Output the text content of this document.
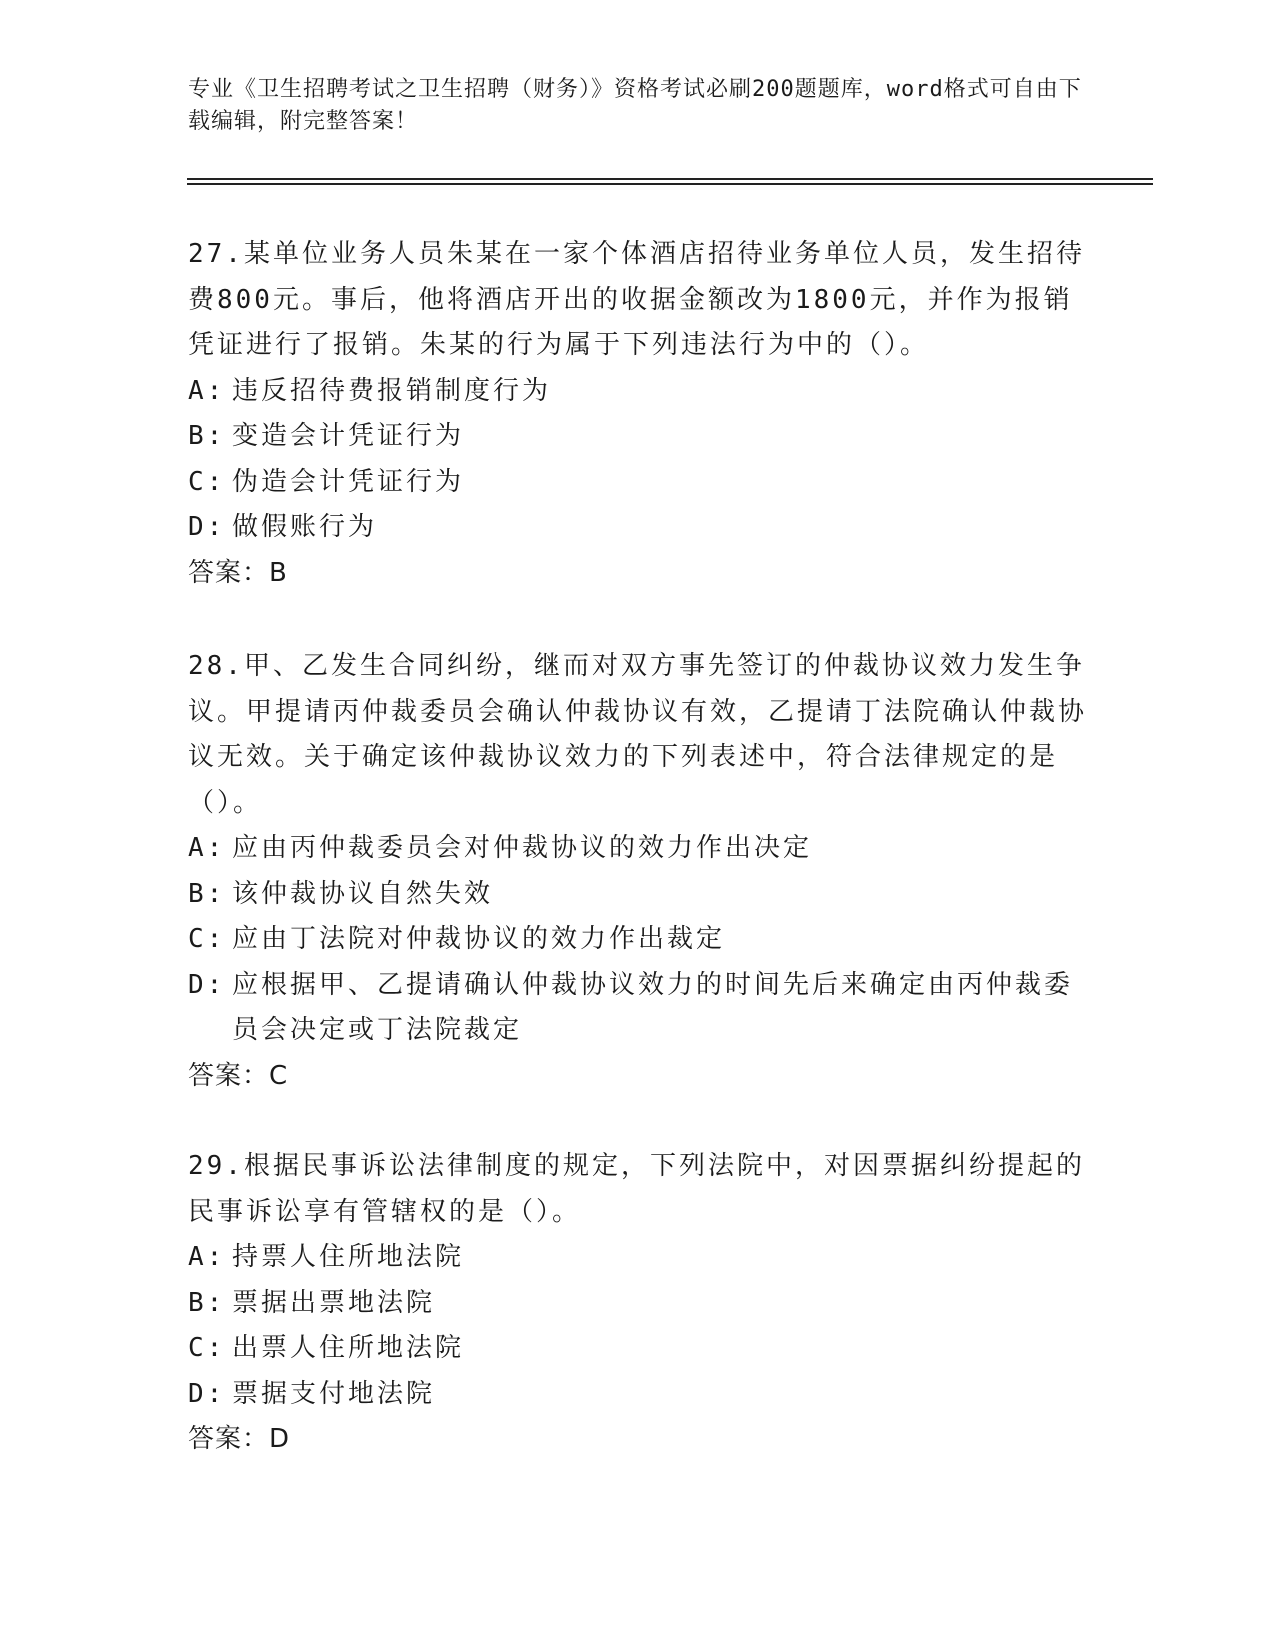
专业《卫生招聘考试之卫生招聘（财务）》资格考试必刷200题题库，word格式可自由下载编辑，附完整答案！

27.某单位业务人员朱某在一家个体酒店招待业务单位人员，发生招待费800元。事后，他将酒店开出的收据金额改为1800元，并作为报销凭证进行了报销。朱某的行为属于下列违法行为中的（）。

A: 违反招待费报销制度行为

B: 变造会计凭证行为

C: 伪造会计凭证行为

D: 做假账行为

答案：B

28.甲、乙发生合同纠纷，继而对双方事先签订的仲裁协议效力发生争议。甲提请丙仲裁委员会确认仲裁协议有效，乙提请丁法院确认仲裁协议无效。关于确定该仲裁协议效力的下列表述中，符合法律规定的是（）。

A: 应由丙仲裁委员会对仲裁协议的效力作出决定

B: 该仲裁协议自然失效

C: 应由丁法院对仲裁协议的效力作出裁定

D: 应根据甲、乙提请确认仲裁协议效力的时间先后来确定由丙仲裁委员会决定或丁法院裁定

答案：C

29.根据民事诉讼法律制度的规定，下列法院中，对因票据纠纷提起的民事诉讼享有管辖权的是（）。

A: 持票人住所地法院

B: 票据出票地法院

C: 出票人住所地法院

D: 票据支付地法院

答案：D
